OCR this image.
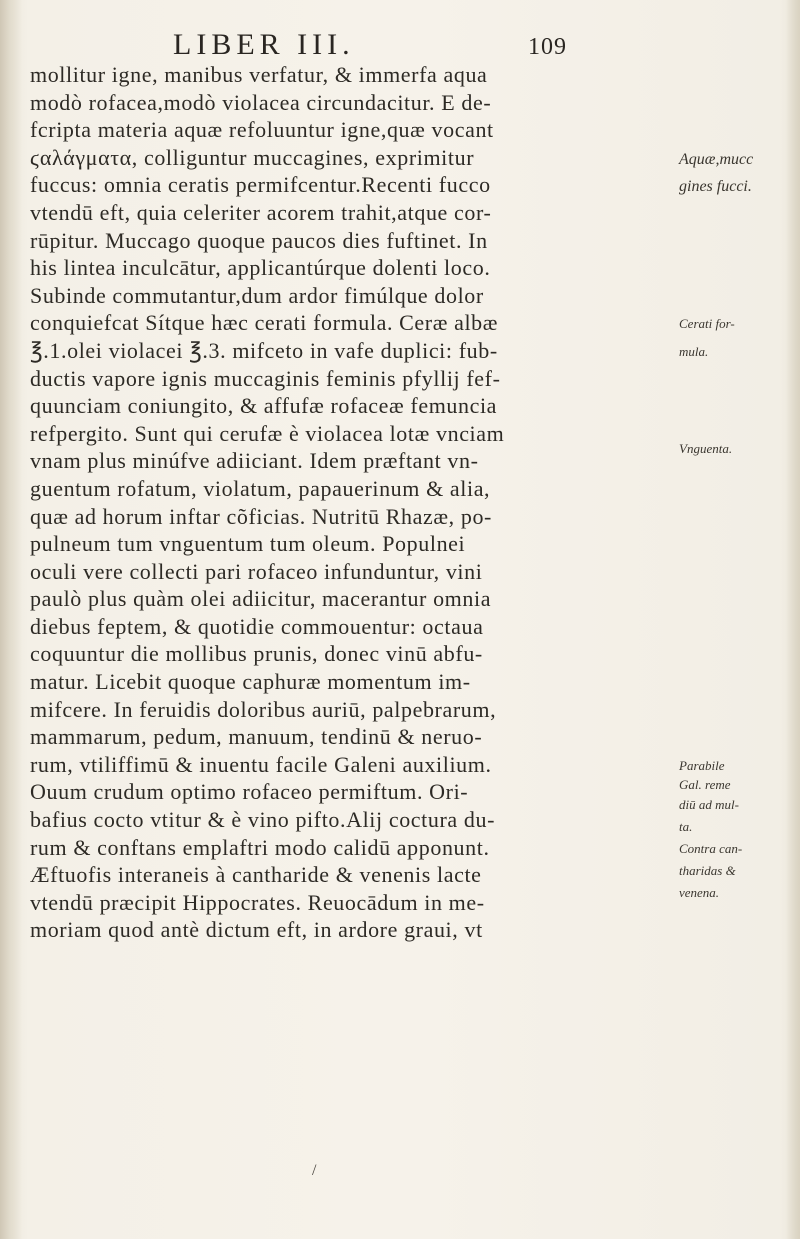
LIBER III.	109
mollitur igne, manibus verfatur, & immerfa aqua
modò rofacea,modò violacea circundacitur. E de-
fcripta materia aquæ refoluuntur igne,quæ vocant
ϛαλάγματα, colliguntur muccagines, exprimitur
fuccus: omnia ceratis permifcentur.Recenti fucco
vtendū eft, quia celeriter acorem trahit,atque cor-
rūpitur. Muccago quoque paucos dies fuftinet. In
his lintea inculcātur, applicantúrque dolenti loco.
Subinde commutantur,dum ardor fimúlque dolor
conquiefcat Sítque hæc cerati formula. Ceræ albæ
℥.1.olei violacei ℥.3. mifceto in vafe duplici: fub-
ductis vapore ignis muccaginis feminis pfyllij fef-
quunciam coniungito, & affufæ rofaceæ femuncia
refpergito. Sunt qui cerufæ è violacea lotæ vnciam
vnam plus minúfve adiiciant. Idem præftant vn-
guentum rofatum, violatum, papauerinum & alia,
quæ ad horum inftar cõficias. Nutritū Rhazæ, po-
pulneum tum vnguentum tum oleum. Populnei
oculi vere collecti pari rofaceo infunduntur, vini
paulò plus quàm olei adiicitur, macerantur omnia
diebus feptem, & quotidie commouentur: octaua
coquuntur die mollibus prunis, donec vinū abfu-
matur. Licebit quoque caphuræ momentum im-
mifcere. In feruidis doloribus auriū, palpebrarum,
mammarum, pedum, manuum, tendinū & neruo-
rum, vtiliffimū & inuentu facile Galeni auxilium.
Ouum crudum optimo rofaceo permiftum. Ori-
bafius cocto vtitur & è vino pifto.Alij coctura du-
rum & conftans emplaftri modo calidū apponunt.
Æftuofis interaneis à cantharide & venenis lacte
vtendū præcipit Hippocrates. Reuocādum in me-
moriam quod antè dictum eft, in ardore graui, vt
Aquæ,mucc
gines fucci.
Cerati for-
mula.
Vnguenta.
Parabile
Gal. reme
diū ad mul-
ta.
Contra can-
tharidas &
venena.
/
